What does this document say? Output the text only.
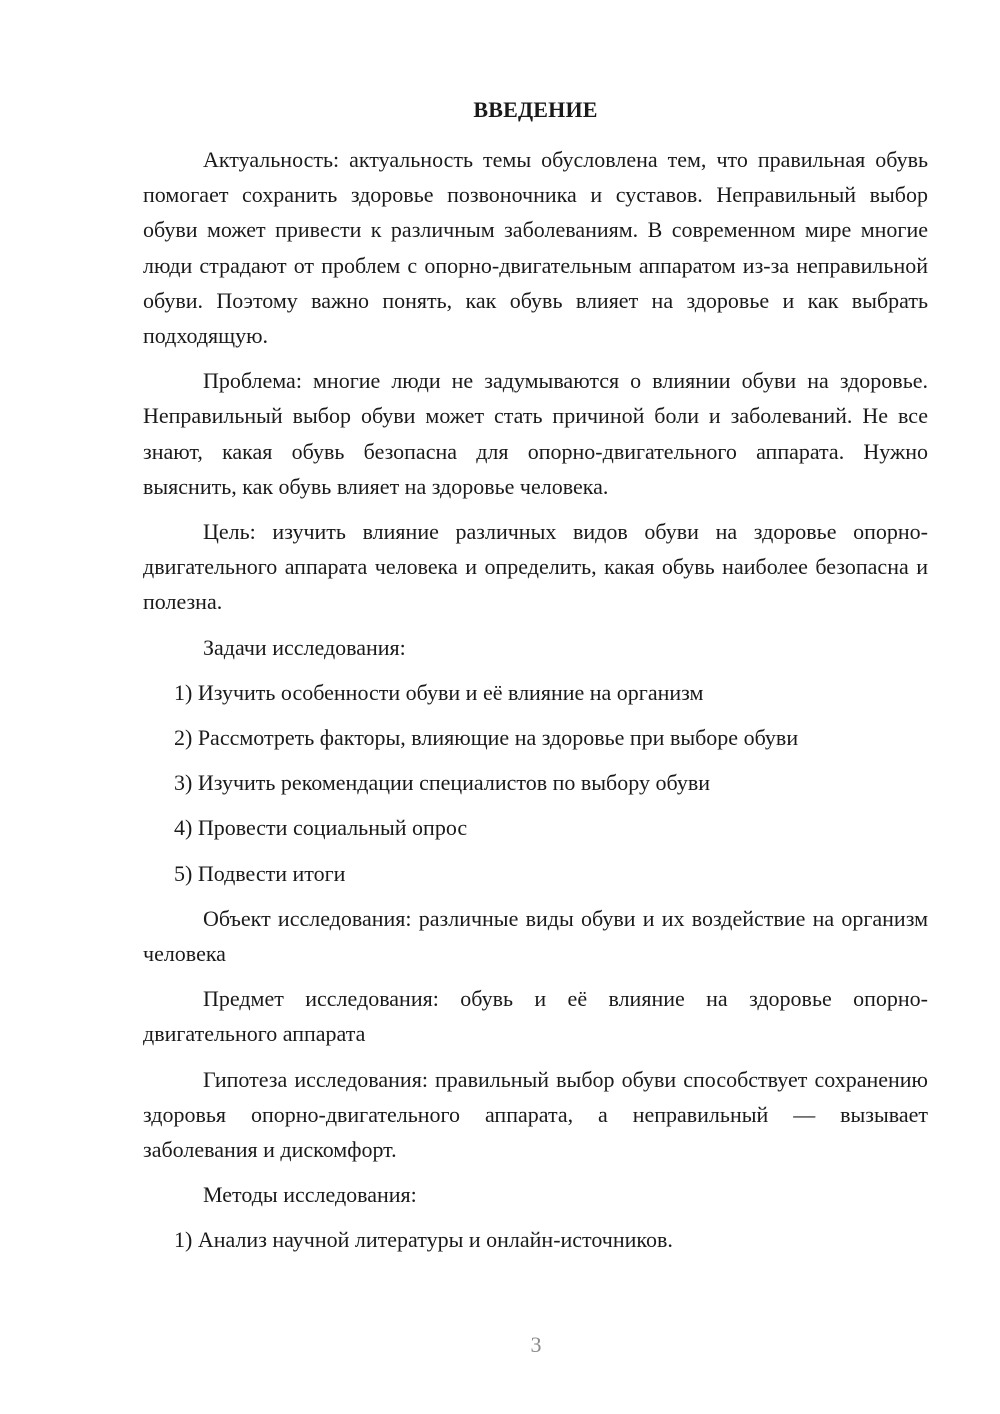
ВВЕДЕНИЕ

Актуальность: актуальность темы обусловлена тем, что правильная обувь помогает сохранить здоровье позвоночника и суставов. Неправильный выбор обуви может привести к различным заболеваниям. В современном мире многие люди страдают от проблем с опорно-двигательным аппаратом из-за неправильной обуви. Поэтому важно понять, как обувь влияет на здоровье и как выбрать подходящую.

Проблема: многие люди не задумываются о влиянии обуви на здоровье. Неправильный выбор обуви может стать причиной боли и заболеваний. Не все знают, какая обувь безопасна для опорно-двигательного аппарата. Нужно выяснить, как обувь влияет на здоровье человека.

Цель: изучить влияние различных видов обуви на здоровье опорно-двигательного аппарата человека и определить, какая обувь наиболее безопасна и полезна.

Задачи исследования:
1) Изучить особенности обуви и её влияние на организм
2) Рассмотреть факторы, влияющие на здоровье при выборе обуви
3) Изучить рекомендации специалистов по выбору обуви
4) Провести социальный опрос
5) Подвести итоги

Объект исследования: различные виды обуви и их воздействие на организм человека

Предмет исследования: обувь и её влияние на здоровье опорно-двигательного аппарата

Гипотеза исследования: правильный выбор обуви способствует сохранению здоровья опорно-двигательного аппарата, а неправильный — вызывает заболевания и дискомфорт.

Методы исследования:
1) Анализ научной литературы и онлайн-источников.
3
